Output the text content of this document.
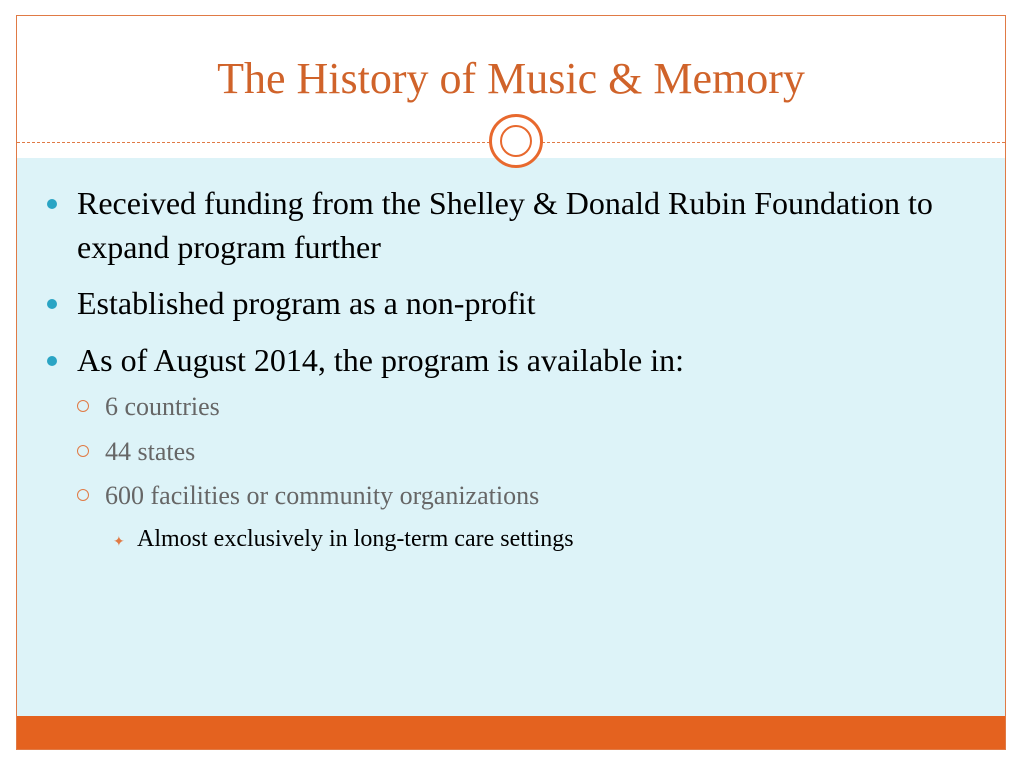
The History of Music & Memory
Received funding from the Shelley & Donald Rubin Foundation to expand program further
Established program as a non-profit
As of August 2014, the program is available in:
6 countries
44 states
600 facilities or community organizations
✦ Almost exclusively in long-term care settings
